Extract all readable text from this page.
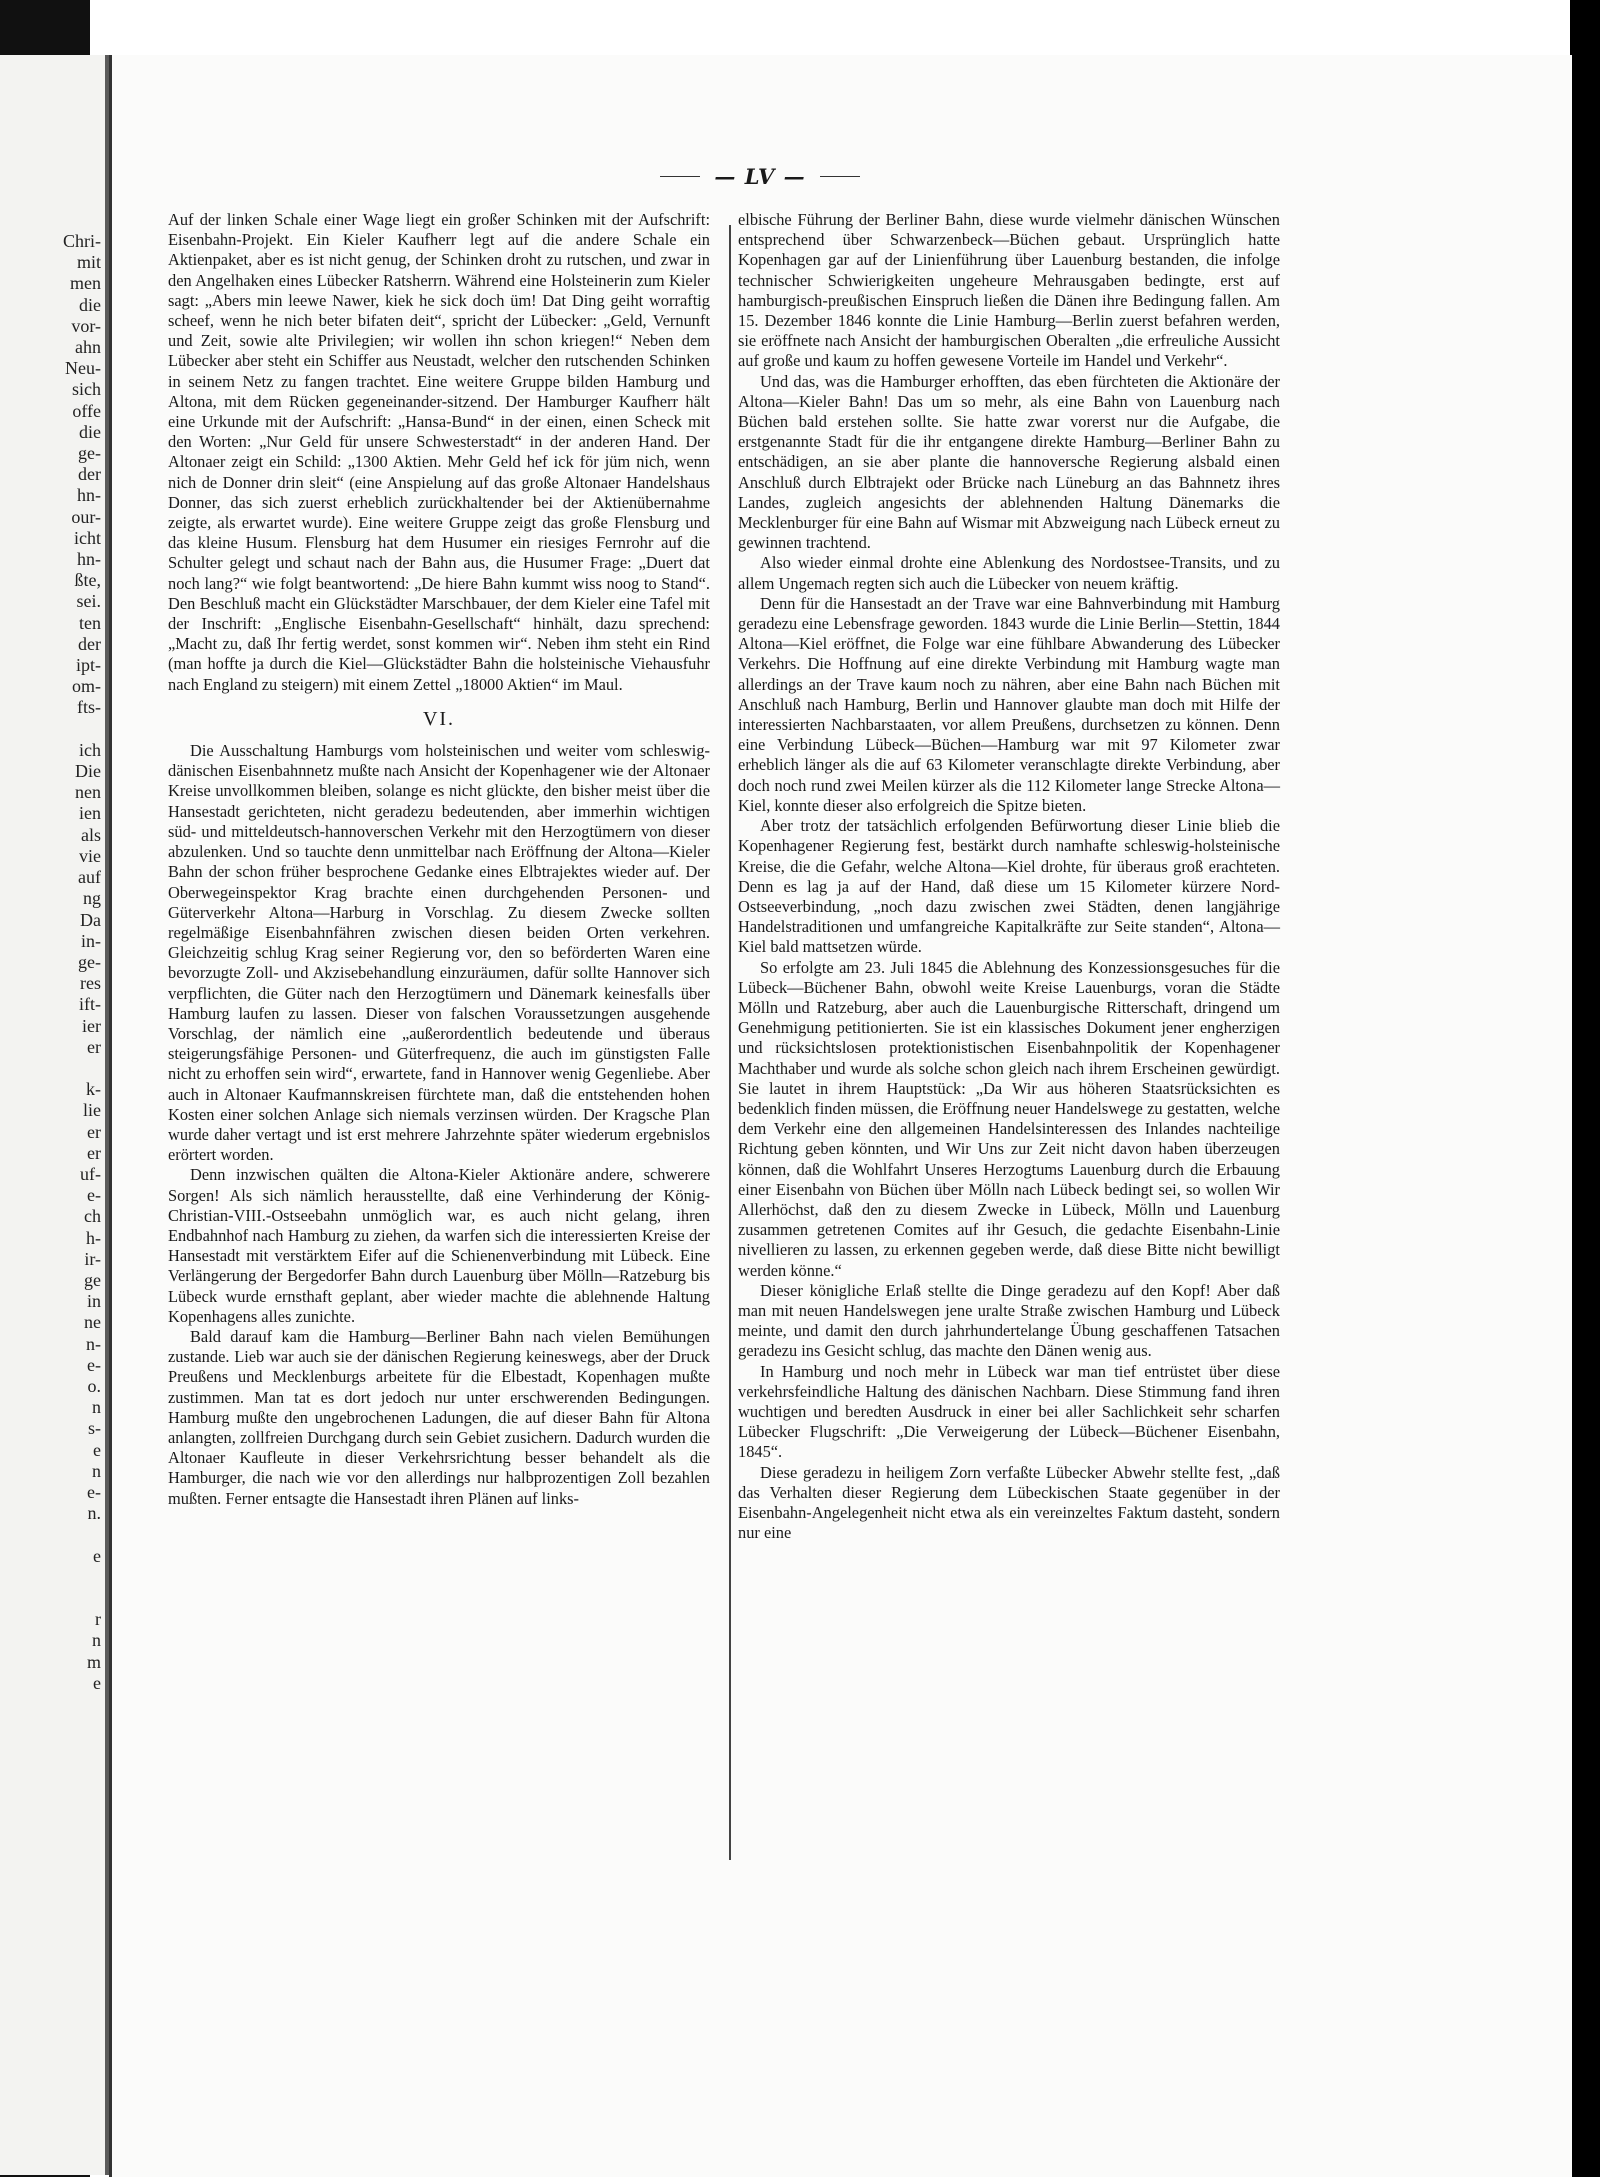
Chri-
mit
men
die
vor-
ahn
Neu-
sich
offe
die
ge-
der
hn-
our-
icht
hn-
ßte,
sei.
ten
der
ipt-
om-
fts-

ich
Die
nen
ien
als
vie
auf
ng
Da
in-
ge-
res
ift-
ier
er

k-
lie
er
er
uf-
e-
ch
h-
ir-
ge
in
ne
n-
e-
o.
n
s-
e
n
e-
n.

e

r
n
m
e
— LV —

Auf der linken Schale einer Wage liegt ein großer Schinken mit der Aufschrift: Eisenbahn-Projekt. Ein Kieler Kaufherr legt auf die andere Schale ein Aktienpaket, aber es ist nicht genug, der Schinken droht zu rutschen, und zwar in den Angelhaken eines Lübecker Ratsherrn. Während eine Holsteinerin zum Kieler sagt: „Abers min leewe Nawer, kiek he sick doch üm! Dat Ding geiht worraftig scheef, wenn he nich beter bifaten deit“, spricht der Lübecker: „Geld, Vernunft und Zeit, sowie alte Privilegien; wir wollen ihn schon kriegen!“ Neben dem Lübecker aber steht ein Schiffer aus Neustadt, welcher den rutschenden Schinken in seinem Netz zu fangen trachtet. Eine weitere Gruppe bilden Hamburg und Altona, mit dem Rücken gegeneinander-sitzend. Der Hamburger Kaufherr hält eine Urkunde mit der Aufschrift: „Hansa-Bund“ in der einen, einen Scheck mit den Worten: „Nur Geld für unsere Schwesterstadt“ in der anderen Hand. Der Altonaer zeigt ein Schild: „1300 Aktien. Mehr Geld hef ick för jüm nich, wenn nich de Donner drin sleit“ (eine Anspielung auf das große Altonaer Handelshaus Donner, das sich zuerst erheblich zurückhaltender bei der Aktienübernahme zeigte, als erwartet wurde). Eine weitere Gruppe zeigt das große Flensburg und das kleine Husum. Flensburg hat dem Husumer ein riesiges Fernrohr auf die Schulter gelegt und schaut nach der Bahn aus, die Husumer Frage: „Duert dat noch lang?“ wie folgt beantwortend: „De hiere Bahn kummt wiss noog to Stand“. Den Beschluß macht ein Glückstädter Marschbauer, der dem Kieler eine Tafel mit der Inschrift: „Englische Eisenbahn-Gesellschaft“ hinhält, dazu sprechend: „Macht zu, daß Ihr fertig werdet, sonst kommen wir“. Neben ihm steht ein Rind (man hoffte ja durch die Kiel—Glückstädter Bahn die holsteinische Viehausfuhr nach England zu steigern) mit einem Zettel „18000 Aktien“ im Maul.

VI.

Die Ausschaltung Hamburgs vom holsteinischen und weiter vom schleswig-dänischen Eisenbahnnetz mußte nach Ansicht der Kopenhagener wie der Altonaer Kreise unvollkommen bleiben, solange es nicht glückte, den bisher meist über die Hansestadt gerichteten, nicht geradezu bedeutenden, aber immerhin wichtigen süd- und mitteldeutsch-hannoverschen Verkehr mit den Herzogtümern von dieser abzulenken. Und so tauchte denn unmittelbar nach Eröffnung der Altona—Kieler Bahn der schon früher besprochene Gedanke eines Elbtrajektes wieder auf. Der Oberwegeinspektor Krag brachte einen durchgehenden Personen- und Güterverkehr Altona—Harburg in Vorschlag. Zu diesem Zwecke sollten regelmäßige Eisenbahnfähren zwischen diesen beiden Orten verkehren. Gleichzeitig schlug Krag seiner Regierung vor, den so beförderten Waren eine bevorzugte Zoll- und Akzisebehandlung einzuräumen, dafür sollte Hannover sich verpflichten, die Güter nach den Herzogtümern und Dänemark keinesfalls über Hamburg laufen zu lassen. Dieser von falschen Voraussetzungen ausgehende Vorschlag, der nämlich eine „außerordentlich bedeutende und überaus steigerungsfähige Personen- und Güterfrequenz, die auch im günstigsten Falle nicht zu erhoffen sein wird“, erwartete, fand in Hannover wenig Gegenliebe. Aber auch in Altonaer Kaufmannskreisen fürchtete man, daß die entstehenden hohen Kosten einer solchen Anlage sich niemals verzinsen würden. Der Kragsche Plan wurde daher vertagt und ist erst mehrere Jahrzehnte später wiederum ergebnislos erörtert worden.

Denn inzwischen quälten die Altona-Kieler Aktionäre andere, schwerere Sorgen! Als sich nämlich herausstellte, daß eine Verhinderung der König-Christian-VIII.-Ostseebahn unmöglich war, es auch nicht gelang, ihren Endbahnhof nach Hamburg zu ziehen, da warfen sich die interessierten Kreise der Hansestadt mit verstärktem Eifer auf die Schienenverbindung mit Lübeck. Eine Verlängerung der Bergedorfer Bahn durch Lauenburg über Mölln—Ratzeburg bis Lübeck wurde ernsthaft geplant, aber wieder machte die ablehnende Haltung Kopenhagens alles zunichte.

Bald darauf kam die Hamburg—Berliner Bahn nach vielen Bemühungen zustande. Lieb war auch sie der dänischen Regierung keineswegs, aber der Druck Preußens und Mecklenburgs arbeitete für die Elbestadt, Kopenhagen mußte zustimmen. Man tat es dort jedoch nur unter erschwerenden Bedingungen. Hamburg mußte den ungebrochenen Ladungen, die auf dieser Bahn für Altona anlangten, zollfreien Durchgang durch sein Gebiet zusichern. Dadurch wurden die Altonaer Kaufleute in dieser Verkehrsrichtung besser behandelt als die Hamburger, die nach wie vor den allerdings nur halbprozentigen Zoll bezahlen mußten. Ferner entsagte die Hansestadt ihren Plänen auf links-

elbische Führung der Berliner Bahn, diese wurde vielmehr dänischen Wünschen entsprechend über Schwarzenbeck—Büchen gebaut. Ursprünglich hatte Kopenhagen gar auf der Linienführung über Lauenburg bestanden, die infolge technischer Schwierigkeiten ungeheure Mehrausgaben bedingte, erst auf hamburgisch-preußischen Einspruch ließen die Dänen ihre Bedingung fallen. Am 15. Dezember 1846 konnte die Linie Hamburg—Berlin zuerst befahren werden, sie eröffnete nach Ansicht der hamburgischen Oberalten „die erfreuliche Aussicht auf große und kaum zu hoffen gewesene Vorteile im Handel und Verkehr“.

Und das, was die Hamburger erhofften, das eben fürchteten die Aktionäre der Altona—Kieler Bahn! Das um so mehr, als eine Bahn von Lauenburg nach Büchen bald erstehen sollte. Sie hatte zwar vorerst nur die Aufgabe, die erstgenannte Stadt für die ihr entgangene direkte Hamburg—Berliner Bahn zu entschädigen, an sie aber plante die hannoversche Regierung alsbald einen Anschluß durch Elbtrajekt oder Brücke nach Lüneburg an das Bahnnetz ihres Landes, zugleich angesichts der ablehnenden Haltung Dänemarks die Mecklenburger für eine Bahn auf Wismar mit Abzweigung nach Lübeck erneut zu gewinnen trachtend.

Also wieder einmal drohte eine Ablenkung des Nordostsee-Transits, und zu allem Ungemach regten sich auch die Lübecker von neuem kräftig.

Denn für die Hansestadt an der Trave war eine Bahnverbindung mit Hamburg geradezu eine Lebensfrage geworden. 1843 wurde die Linie Berlin—Stettin, 1844 Altona—Kiel eröffnet, die Folge war eine fühlbare Abwanderung des Lübecker Verkehrs. Die Hoffnung auf eine direkte Verbindung mit Hamburg wagte man allerdings an der Trave kaum noch zu nähren, aber eine Bahn nach Büchen mit Anschluß nach Hamburg, Berlin und Hannover glaubte man doch mit Hilfe der interessierten Nachbarstaaten, vor allem Preußens, durchsetzen zu können. Denn eine Verbindung Lübeck—Büchen—Hamburg war mit 97 Kilometer zwar erheblich länger als die auf 63 Kilometer veranschlagte direkte Verbindung, aber doch noch rund zwei Meilen kürzer als die 112 Kilometer lange Strecke Altona—Kiel, konnte dieser also erfolgreich die Spitze bieten.

Aber trotz der tatsächlich erfolgenden Befürwortung dieser Linie blieb die Kopenhagener Regierung fest, bestärkt durch namhafte schleswig-holsteinische Kreise, die die Gefahr, welche Altona—Kiel drohte, für überaus groß erachteten. Denn es lag ja auf der Hand, daß diese um 15 Kilometer kürzere Nord-Ostseeverbindung, „noch dazu zwischen zwei Städten, denen langjährige Handelstraditionen und umfangreiche Kapitalkräfte zur Seite standen“, Altona—Kiel bald mattsetzen würde.

So erfolgte am 23. Juli 1845 die Ablehnung des Konzessionsgesuches für die Lübeck—Büchener Bahn, obwohl weite Kreise Lauenburgs, voran die Städte Mölln und Ratzeburg, aber auch die Lauenburgische Ritterschaft, dringend um Genehmigung petitionierten. Sie ist ein klassisches Dokument jener engherzigen und rücksichtslosen protektionistischen Eisenbahnpolitik der Kopenhagener Machthaber und wurde als solche schon gleich nach ihrem Erscheinen gewürdigt. Sie lautet in ihrem Hauptstück: „Da Wir aus höheren Staatsrücksichten es bedenklich finden müssen, die Eröffnung neuer Handelswege zu gestatten, welche dem Verkehr eine den allgemeinen Handelsinteressen des Inlandes nachteilige Richtung geben könnten, und Wir Uns zur Zeit nicht davon haben überzeugen können, daß die Wohlfahrt Unseres Herzogtums Lauenburg durch die Erbauung einer Eisenbahn von Büchen über Mölln nach Lübeck bedingt sei, so wollen Wir Allerhöchst, daß den zu diesem Zwecke in Lübeck, Mölln und Lauenburg zusammen getretenen Comites auf ihr Gesuch, die gedachte Eisenbahn-Linie nivellieren zu lassen, zu erkennen gegeben werde, daß diese Bitte nicht bewilligt werden könne.“

Dieser königliche Erlaß stellte die Dinge geradezu auf den Kopf! Aber daß man mit neuen Handelswegen jene uralte Straße zwischen Hamburg und Lübeck meinte, und damit den durch jahrhundertelange Übung geschaffenen Tatsachen geradezu ins Gesicht schlug, das machte den Dänen wenig aus.

In Hamburg und noch mehr in Lübeck war man tief entrüstet über diese verkehrsfeindliche Haltung des dänischen Nachbarn. Diese Stimmung fand ihren wuchtigen und beredten Ausdruck in einer bei aller Sachlichkeit sehr scharfen Lübecker Flugschrift: „Die Verweigerung der Lübeck—Büchener Eisenbahn, 1845“.

Diese geradezu in heiligem Zorn verfaßte Lübecker Abwehr stellte fest, „daß das Verhalten dieser Regierung dem Lübeckischen Staate gegenüber in der Eisenbahn-Angelegenheit nicht etwa als ein vereinzeltes Faktum dasteht, sondern nur eine
